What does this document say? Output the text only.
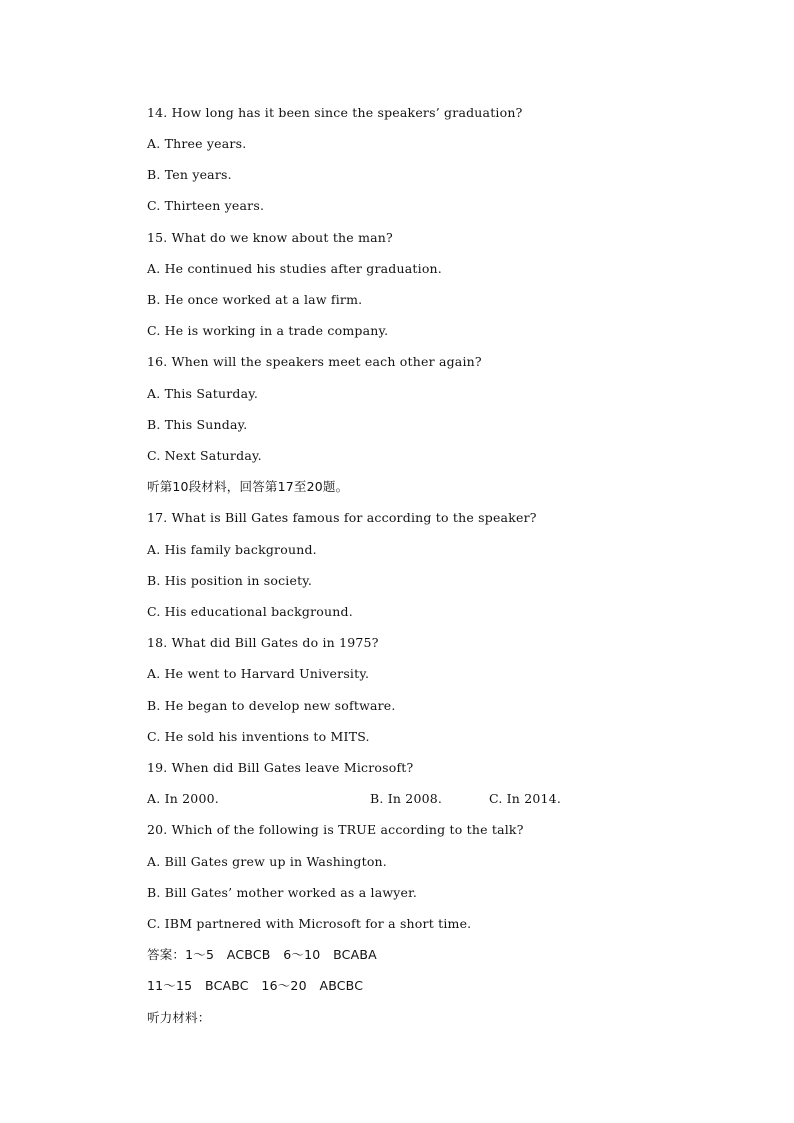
14. How long has it been since the speakers’ graduation?
A. Three years.
B. Ten years.
C. Thirteen years.
15. What do we know about the man?
A. He continued his studies after graduation.
B. He once worked at a law firm.
C. He is working in a trade company.
16. When will the speakers meet each other again?
A. This Saturday.
B. This Sunday.
C. Next Saturday.
听第10段材料，回答第17至20题。
17. What is Bill Gates famous for according to the speaker?
A. His family background.
B. His position in society.
C. His educational background.
18. What did Bill Gates do in 1975?
A. He went to Harvard University.
B. He began to develop new software.
C. He sold his inventions to MITS.
19. When did Bill Gates leave Microsoft?

A. In 2000.

	B. In 2008.

	C. In 2014.

20. Which of the following is TRUE according to the talk?
A. Bill Gates grew up in Washington.
B. Bill Gates’ mother worked as a lawyer.
C. IBM partnered with Microsoft for a short time.
答案：1～5　ACBCB　6～10　BCABA
11～15　BCABC　16～20　ABCBC
听力材料：
